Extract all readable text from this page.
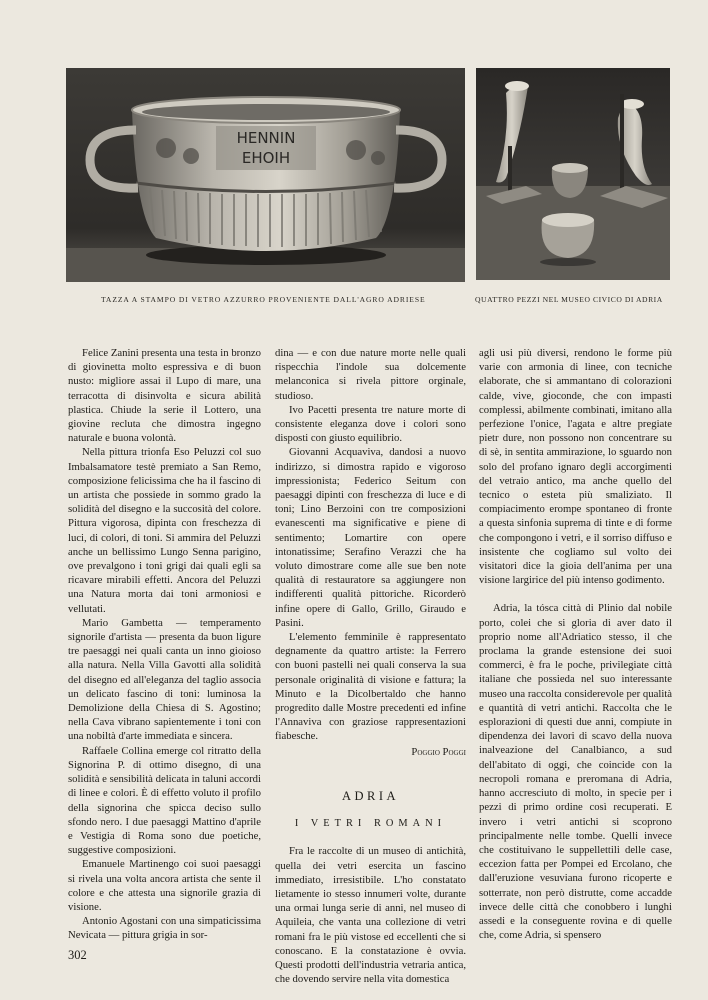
HENNIN
EHOIH
TAZZA A STAMPO DI VETRO AZZURRO PROVENIENTE DALL'AGRO ADRIESE	QUATTRO PEZZI NEL MUSEO CIVICO DI ADRIA

Felice Zanini presenta una testa in bronzo di giovinetta molto espressiva e di buon nusto: migliore assai il Lupo di mare, una terracotta di disinvolta e sicura abilità plastica. Chiude la serie il Lottero, una giovine recluta che dimostra ingegno naturale e buona volontà.

Nella pittura trionfa Eso Peluzzi col suo Imbalsamatore testè premiato a San Remo, composizione felicissima che ha il fascino di un artista che possiede in sommo grado la solidità del disegno e la succosità del colore. Pittura vigorosa, dipinta con freschezza di luci, di colori, di toni. Si ammira del Peluzzi anche un bellissimo Lungo Senna parigino, ove prevalgono i toni grigi dai quali egli sa ricavare mirabili effetti. Ancora del Peluzzi una Natura morta dai toni armoniosi e vellutati.

Mario Gambetta — temperamento signorile d'artista — presenta da buon ligure tre paesaggi nei quali canta un inno gioioso alla natura. Nella Villa Gavotti alla solidità del disegno ed all'eleganza del taglio associa un delicato fascino di toni: luminosa la Demolizione della Chiesa di S. Agostino; nella Cava vibrano sapientemente i toni con una nobiltà d'arte immediata e sincera.

Raffaele Collina emerge col ritratto della Signorina P. di ottimo disegno, di una solidità e sensibilità delicata in taluni accordi di linee e colori. È di effetto voluto il profilo della signorina che spicca deciso sullo sfondo nero. I due paesaggi Mattino d'aprile e Vestigia di Roma sono due poetiche, suggestive composizioni.

Emanuele Martinengo coi suoi paesaggi si rivela una volta ancora artista che sente il colore e che attesta una signorile grazia di visione.

Antonio Agostani con una simpaticissima Nevicata — pittura grigia in sor-

dina — e con due nature morte nelle quali rispecchia l'indole sua dolcemente melanconica si rivela pittore orginale, studioso.

Ivo Pacetti presenta tre nature morte di consistente eleganza dove i colori sono disposti con giusto equilibrio.

Giovanni Acquaviva, dandosi a nuovo indirizzo, si dimostra rapido e vigoroso impressionista; Federico Seitum con paesaggi dipinti con freschezza di luce e di toni; Lino Berzoini con tre composizioni evanescenti ma significative e piene di sentimento; Lomartire con opere intonatissime; Serafino Verazzi che ha voluto dimostrare come alle sue ben note qualità di restauratore sa aggiungere non indifferenti qualità pittoriche. Ricorderò infine opere di Gallo, Grillo, Giraudo e Pasini.

L'elemento femminile è rappresentato degnamente da quattro artiste: la Ferrero con buoni pastelli nei quali conserva la sua personale originalità di visione e fattura; la Minuto e la Dicolbertaldo che hanno progredito dalle Mostre precedenti ed infine l'Annaviva con graziose rappresentazioni fiabesche.

Poggio Poggi
ADRIA
I VETRI ROMANI

Fra le raccolte di un museo di antichità, quella dei vetri esercita un fascino immediato, irresistibile. L'ho constatato lietamente io stesso innumeri volte, durante una ormai lunga serie di anni, nel museo di Aquileia, che vanta una collezione di vetri romani fra le più vistose ed eccellenti che si conoscano. E la constatazione è ovvia. Questi prodotti dell'industria vetraria antica, che dovendo servire nella vita domestica

agli usi più diversi, rendono le forme più varie con armonia di linee, con tecniche elaborate, che si ammantano di colorazioni calde, vive, gioconde, che con impasti complessi, abilmente combinati, imitano alla perfezione l'onice, l'agata e altre pregiate pietr dure, non possono non concentrare su di sè, in sentita ammirazione, lo sguardo non solo del profano ignaro degli accorgimenti del vetraio antico, ma anche quello del tecnico o esteta più smaliziato. Il compiacimento erompe spontaneo di fronte a questa sinfonia suprema di tinte e di forme che compongono i vetri, e il sorriso diffuso e insistente che cogliamo sul volto dei visitatori dice la gioia dell'anima per una visione largirice del più intenso godimento.

Adria, la tósca città di Plinio dal nobile porto, colei che si gloria di aver dato il proprio nome all'Adriatico stesso, il che proclama la grande estensione dei suoi commerci, è fra le poche, privilegiate città italiane che possieda nel suo interessante museo una raccolta considerevole per qualità e quantità di vetri antichi. Raccolta che le esplorazioni di questi due anni, compiute in dipendenza dei lavori di scavo della nuova inalveazione del Canalbianco, a sud dell'abitato di oggi, che coincide con la necropoli romana e preromana di Adria, hanno accresciuto di molto, in specie per i pezzi di primo ordine così recuperati. E invero i vetri antichi si scoprono principalmente nelle tombe. Quelli invece che costituivano le suppellettili delle case, eccezion fatta per Pompei ed Ercolano, che dall'eruzione vesuviana furono ricoperte e sotterrate, non però distrutte, come accadde invece delle città che conobbero i lunghi assedi e la conseguente rovina e di quelle che, come Adria, si spensero

302
